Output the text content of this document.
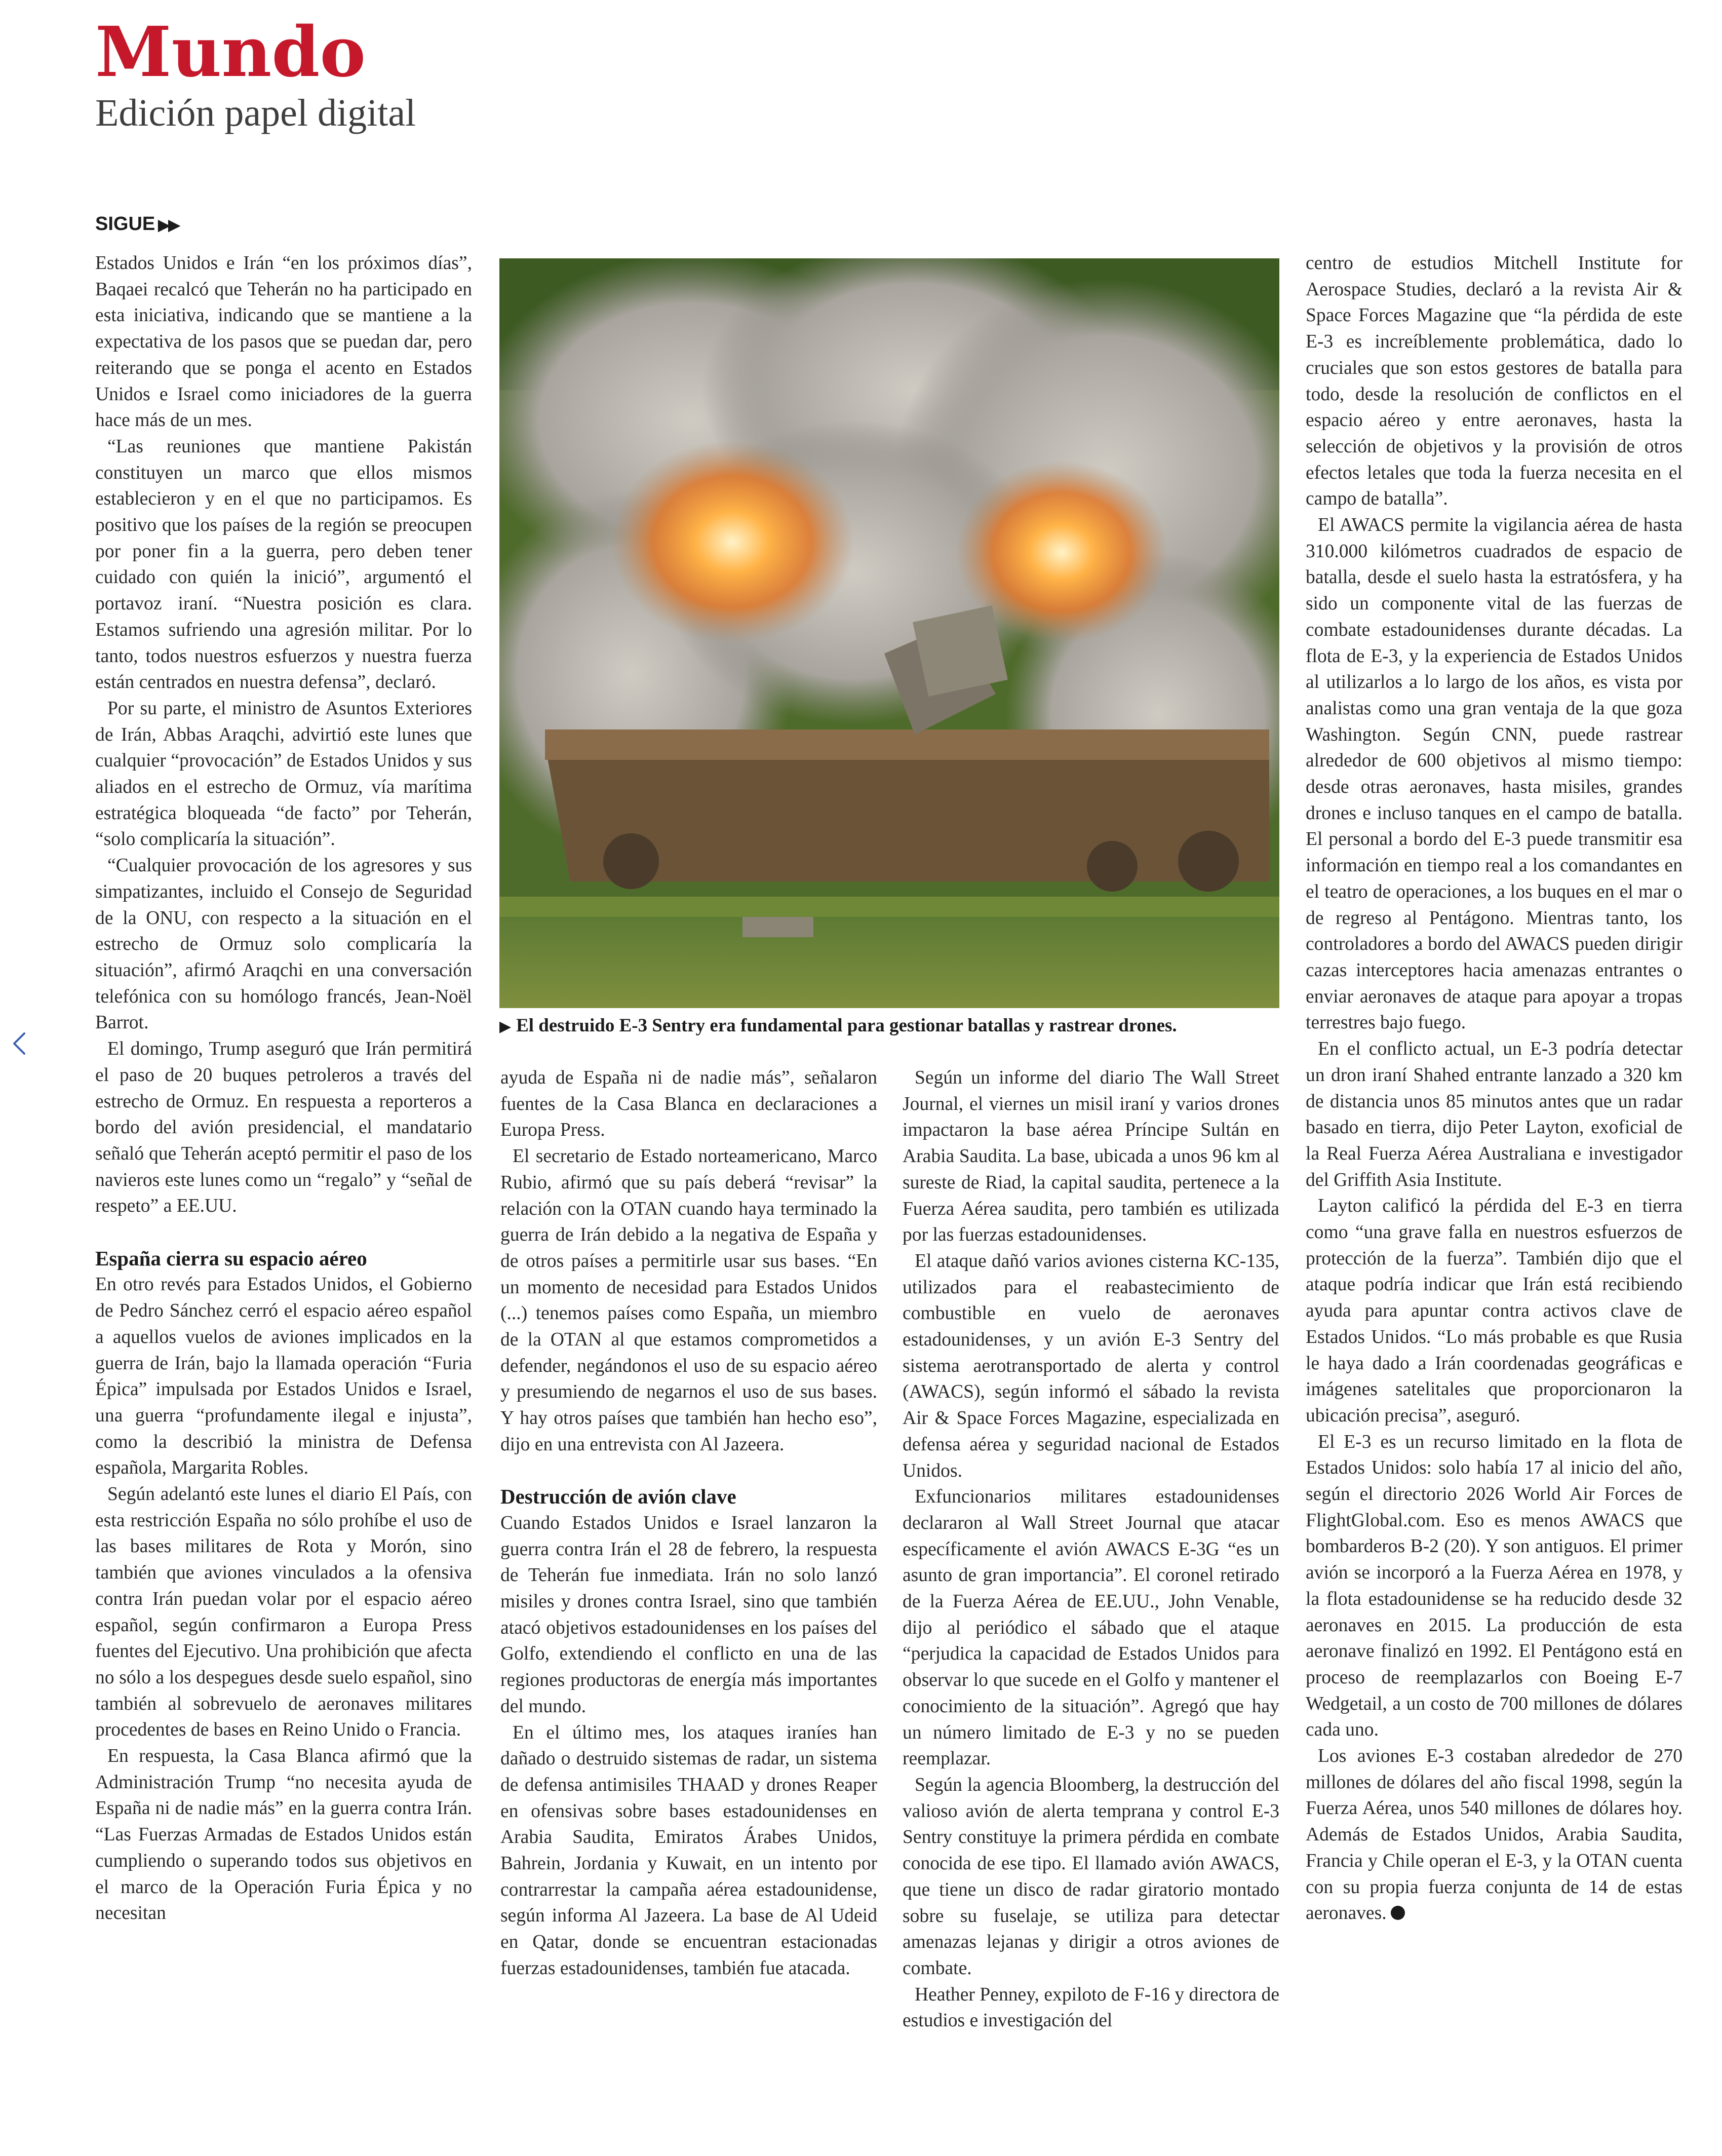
Mundo
Edición papel digital
SIGUE ▶▶

Estados Unidos e Irán “en los próximos días”, Baqaei recalcó que Teherán no ha participado en esta iniciativa, indicando que se mantiene a la expectativa de los pasos que se puedan dar, pero reiterando que se ponga el acento en Estados Unidos e Israel como iniciadores de la guerra hace más de un mes.

“Las reuniones que mantiene Pakistán constituyen un marco que ellos mismos establecieron y en el que no participamos. Es positivo que los países de la región se preocupen por poner fin a la guerra, pero deben tener cuidado con quién la inició”, argumentó el portavoz iraní. “Nuestra posición es clara. Estamos sufriendo una agresión militar. Por lo tanto, todos nuestros esfuerzos y nuestra fuerza están centrados en nuestra defensa”, declaró.

Por su parte, el ministro de Asuntos Exteriores de Irán, Abbas Araqchi, advirtió este lunes que cualquier “provocación” de Estados Unidos y sus aliados en el estrecho de Ormuz, vía marítima estratégica bloqueada “de facto” por Teherán, “solo complicaría la situación”.

“Cualquier provocación de los agresores y sus simpatizantes, incluido el Consejo de Seguridad de la ONU, con respecto a la situación en el estrecho de Ormuz solo complicaría la situación”, afirmó Araqchi en una conversación telefónica con su homólogo francés, Jean-Noël Barrot.

El domingo, Trump aseguró que Irán permitirá el paso de 20 buques petroleros a través del estrecho de Ormuz. En respuesta a reporteros a bordo del avión presidencial, el mandatario señaló que Teherán aceptó permitir el paso de los navieros este lunes como un “regalo” y “señal de respeto” a EE.UU.

España cierra su espacio aéreo

En otro revés para Estados Unidos, el Gobierno de Pedro Sánchez cerró el espacio aéreo español a aquellos vuelos de aviones implicados en la guerra de Irán, bajo la llamada operación “Furia Épica” impulsada por Estados Unidos e Israel, una guerra “profundamente ilegal e injusta”, como la describió la ministra de Defensa española, Margarita Robles.

Según adelantó este lunes el diario El País, con esta restricción España no sólo prohíbe el uso de las bases militares de Rota y Morón, sino también que aviones vinculados a la ofensiva contra Irán puedan volar por el espacio aéreo español, según confirmaron a Europa Press fuentes del Ejecutivo. Una prohibición que afecta no sólo a los despegues desde suelo español, sino también al sobrevuelo de aeronaves militares procedentes de bases en Reino Unido o Francia.

En respuesta, la Casa Blanca afirmó que la Administración Trump “no necesita ayuda de España ni de nadie más” en la guerra contra Irán. “Las Fuerzas Armadas de Estados Unidos están cumpliendo o superando todos sus objetivos en el marco de la Operación Furia Épica y no necesitan

▶ El destruido E-3 Sentry era fundamental para gestionar batallas y rastrear drones.

ayuda de España ni de nadie más”, señalaron fuentes de la Casa Blanca en declaraciones a Europa Press.

El secretario de Estado norteamericano, Marco Rubio, afirmó que su país deberá “revisar” la relación con la OTAN cuando haya terminado la guerra de Irán debido a la negativa de España y de otros países a permitirle usar sus bases. “En un momento de necesidad para Estados Unidos (...) tenemos países como España, un miembro de la OTAN al que estamos comprometidos a defender, negándonos el uso de su espacio aéreo y presumiendo de negarnos el uso de sus bases. Y hay otros países que también han hecho eso”, dijo en una entrevista con Al Jazeera.

Destrucción de avión clave

Cuando Estados Unidos e Israel lanzaron la guerra contra Irán el 28 de febrero, la respuesta de Teherán fue inmediata. Irán no solo lanzó misiles y drones contra Israel, sino que también atacó objetivos estadounidenses en los países del Golfo, extendiendo el conflicto en una de las regiones productoras de energía más importantes del mundo.

En el último mes, los ataques iraníes han dañado o destruido sistemas de radar, un sistema de defensa antimisiles THAAD y drones Reaper en ofensivas sobre bases estadounidenses en Arabia Saudita, Emiratos Árabes Unidos, Bahrein, Jordania y Kuwait, en un intento por contrarrestar la campaña aérea estadounidense, según informa Al Jazeera. La base de Al Udeid en Qatar, donde se encuentran estacionadas fuerzas estadounidenses, también fue atacada.

Según un informe del diario The Wall Street Journal, el viernes un misil iraní y varios drones impactaron la base aérea Príncipe Sultán en Arabia Saudita. La base, ubicada a unos 96 km al sureste de Riad, la capital saudita, pertenece a la Fuerza Aérea saudita, pero también es utilizada por las fuerzas estadounidenses.

El ataque dañó varios aviones cisterna KC-135, utilizados para el reabastecimiento de combustible en vuelo de aeronaves estadounidenses, y un avión E-3 Sentry del sistema aerotransportado de alerta y control (AWACS), según informó el sábado la revista Air & Space Forces Magazine, especializada en defensa aérea y seguridad nacional de Estados Unidos.

Exfuncionarios militares estadounidenses declararon al Wall Street Journal que atacar específicamente el avión AWACS E-3G “es un asunto de gran importancia”. El coronel retirado de la Fuerza Aérea de EE.UU., John Venable, dijo al periódico el sábado que el ataque “perjudica la capacidad de Estados Unidos para observar lo que sucede en el Golfo y mantener el conocimiento de la situación”. Agregó que hay un número limitado de E-3 y no se pueden reemplazar.

Según la agencia Bloomberg, la destrucción del valioso avión de alerta temprana y control E-3 Sentry constituye la primera pérdida en combate conocida de ese tipo. El llamado avión AWACS, que tiene un disco de radar giratorio montado sobre su fuselaje, se utiliza para detectar amenazas lejanas y dirigir a otros aviones de combate.

Heather Penney, expiloto de F-16 y directora de estudios e investigación del

centro de estudios Mitchell Institute for Aerospace Studies, declaró a la revista Air & Space Forces Magazine que “la pérdida de este E-3 es increíblemente problemática, dado lo cruciales que son estos gestores de batalla para todo, desde la resolución de conflictos en el espacio aéreo y entre aeronaves, hasta la selección de objetivos y la provisión de otros efectos letales que toda la fuerza necesita en el campo de batalla”.

El AWACS permite la vigilancia aérea de hasta 310.000 kilómetros cuadrados de espacio de batalla, desde el suelo hasta la estratósfera, y ha sido un componente vital de las fuerzas de combate estadounidenses durante décadas. La flota de E-3, y la experiencia de Estados Unidos al utilizarlos a lo largo de los años, es vista por analistas como una gran ventaja de la que goza Washington. Según CNN, puede rastrear alrededor de 600 objetivos al mismo tiempo: desde otras aeronaves, hasta misiles, grandes drones e incluso tanques en el campo de batalla. El personal a bordo del E-3 puede transmitir esa información en tiempo real a los comandantes en el teatro de operaciones, a los buques en el mar o de regreso al Pentágono. Mientras tanto, los controladores a bordo del AWACS pueden dirigir cazas interceptores hacia amenazas entrantes o enviar aeronaves de ataque para apoyar a tropas terrestres bajo fuego.

En el conflicto actual, un E-3 podría detectar un dron iraní Shahed entrante lanzado a 320 km de distancia unos 85 minutos antes que un radar basado en tierra, dijo Peter Layton, exoficial de la Real Fuerza Aérea Australiana e investigador del Griffith Asia Institute.

Layton calificó la pérdida del E-3 en tierra como “una grave falla en nuestros esfuerzos de protección de la fuerza”. También dijo que el ataque podría indicar que Irán está recibiendo ayuda para apuntar contra activos clave de Estados Unidos. “Lo más probable es que Rusia le haya dado a Irán coordenadas geográficas e imágenes satelitales que proporcionaron la ubicación precisa”, aseguró.

El E-3 es un recurso limitado en la flota de Estados Unidos: solo había 17 al inicio del año, según el directorio 2026 World Air Forces de FlightGlobal.com. Eso es menos AWACS que bombarderos B-2 (20). Y son antiguos. El primer avión se incorporó a la Fuerza Aérea en 1978, y la flota estadounidense se ha reducido desde 32 aeronaves en 2015. La producción de esta aeronave finalizó en 1992. El Pentágono está en proceso de reemplazarlos con Boeing E-7 Wedgetail, a un costo de 700 millones de dólares cada uno.

Los aviones E-3 costaban alrededor de 270 millones de dólares del año fiscal 1998, según la Fuerza Aérea, unos 540 millones de dólares hoy. Además de Estados Unidos, Arabia Saudita, Francia y Chile operan el E-3, y la OTAN cuenta con su propia fuerza conjunta de 14 de estas aeronaves.
